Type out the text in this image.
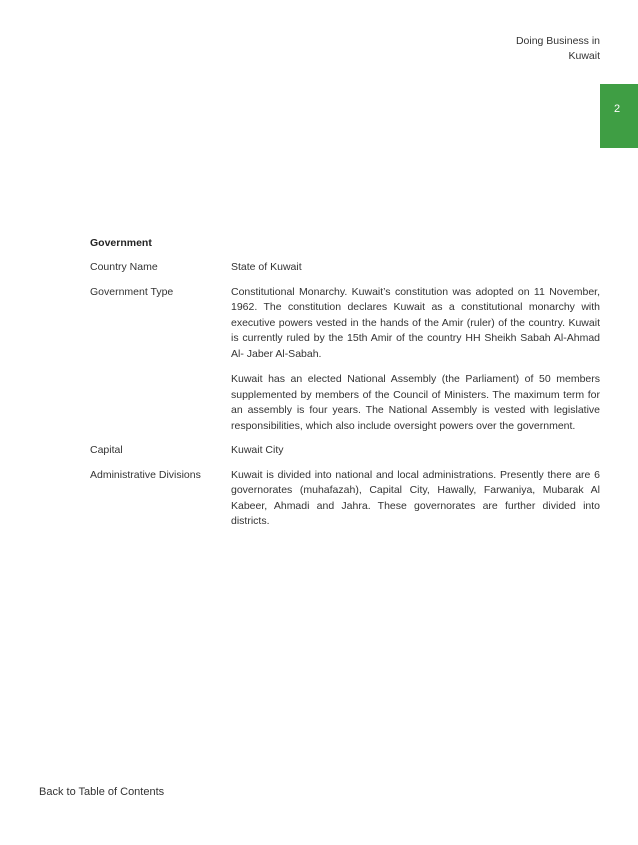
Doing Business in
Kuwait
2
Government
Country Name	State of Kuwait

Government Type	Constitutional Monarchy. Kuwait’s constitution was adopted on 11 November, 1962. The constitution declares Kuwait as a constitutional monarchy with executive powers vested in the hands of the Amir (ruler) of the country. Kuwait is currently ruled by the 15th Amir of the country HH Sheikh Sabah Al-Ahmad Al- Jaber Al-Sabah.

Kuwait has an elected National Assembly (the Parliament) of 50 members supplemented by members of the Council of Ministers. The maximum term for an assembly is four years. The National Assembly is vested with legislative responsibilities, which also include oversight powers over the government.

Capital	Kuwait City

Administrative Divisions	Kuwait is divided into national and local administrations. Presently there are 6 governorates (muhafazah), Capital City, Hawally, Farwaniya, Mubarak Al Kabeer, Ahmadi and Jahra. These governorates are further divided into districts.

Back to Table of Contents
